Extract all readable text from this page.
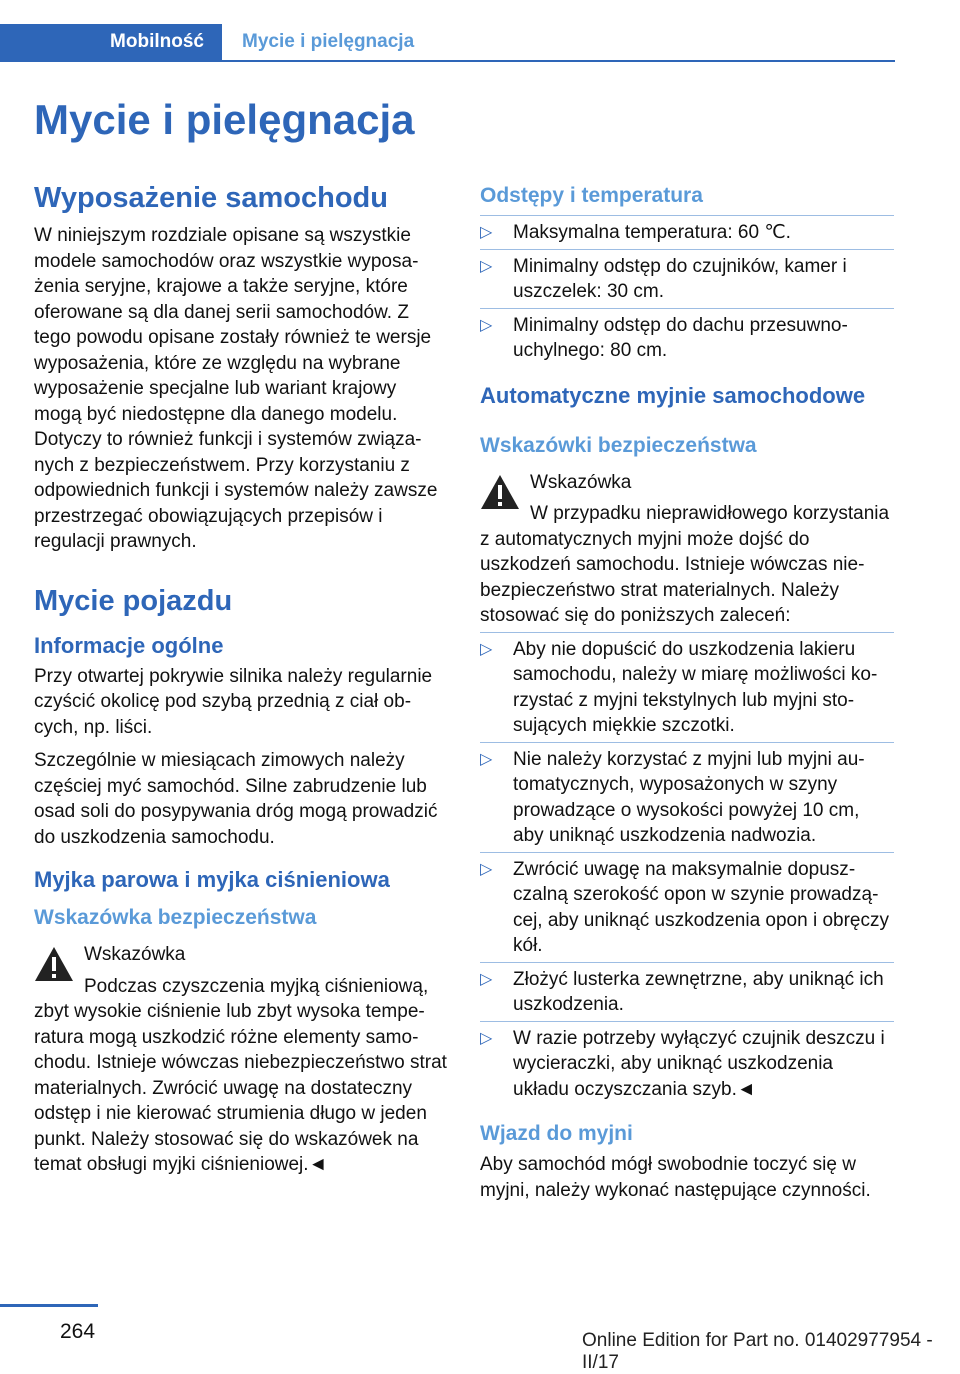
Mobilność	Mycie i pielęgnacja
Mycie i pielęgnacja
Wyposażenie samochodu

W niniejszym rozdziale opisane są wszystkie modele samochodów oraz wszystkie wyposażenia seryjne, krajowe a także seryjne, które oferowane są dla danej serii samochodów. Z tego powodu opisane zostały również te wersje wyposażenia, które ze względu na wybrane wyposażenie specjalne lub wariant krajowy mogą być niedostępne dla danego modelu. Dotyczy to również funkcji i systemów związanych z bezpieczeństwem. Przy korzystaniu z odpowiednich funkcji i systemów należy zawsze przestrzegać obowiązujących przepisów i regulacji prawnych.

Mycie pojazdu
Informacje ogólne

Przy otwartej pokrywie silnika należy regularnie czyścić okolicę pod szybą przednią z ciał obcych, np. liści.

Szczególnie w miesiącach zimowych należy częściej myć samochód. Silne zabrudzenie lub osad soli do posypywania dróg mogą prowadzić do uszkodzenia samochodu.

Myjka parowa i myjka ciśnieniowa
Wskazówka bezpieczeństwa
Wskazówka

Podczas czyszczenia myjką ciśnieniową, zbyt wysokie ciśnienie lub zbyt wysoka temperatura mogą uszkodzić różne elementy samochodu. Istnieje wówczas niebezpieczeństwo strat materialnych. Zwrócić uwagę na dostateczny odstęp i nie kierować strumienia długo w jeden punkt. Należy stosować się do wskazówek na temat obsługi myjki ciśnieniowej.◄

Odstępy i temperatura
▷ Maksymalna temperatura: 60 ℃.
▷ Minimalny odstęp do czujników, kamer i uszczelek: 30 cm.
▷ Minimalny odstęp do dachu przesuwnouchylnego: 80 cm.
Automatyczne myjnie samochodowe
Wskazówki bezpieczeństwa
Wskazówka

W przypadku nieprawidłowego korzystania z automatycznych myjni może dojść do uszkodzeń samochodu. Istnieje wówczas niebezpieczeństwo strat materialnych. Należy stosować się do poniższych zaleceń:

▷ Aby nie dopuścić do uszkodzenia lakieru samochodu, należy w miarę możliwości korzystać z myjni tekstylnych lub myjni stosujących miękkie szczotki.
▷ Nie należy korzystać z myjni lub myjni automatycznych, wyposażonych w szyny prowadzące o wysokości powyżej 10 cm, aby uniknąć uszkodzenia nadwozia.
▷ Zwrócić uwagę na maksymalnie dopuszczalną szerokość opon w szynie prowadzącej, aby uniknąć uszkodzenia opon i obręczy kół.
▷ Złożyć lusterka zewnętrzne, aby uniknąć ich uszkodzenia.
▷ W razie potrzeby wyłączyć czujnik deszczu i wycieraczki, aby uniknąć uszkodzenia układu oczyszczania szyb.◄
Wjazd do myjni

Aby samochód mógł swobodnie toczyć się w myjni, należy wykonać następujące czynności.

264	Online Edition for Part no. 01402977954 - II/17
